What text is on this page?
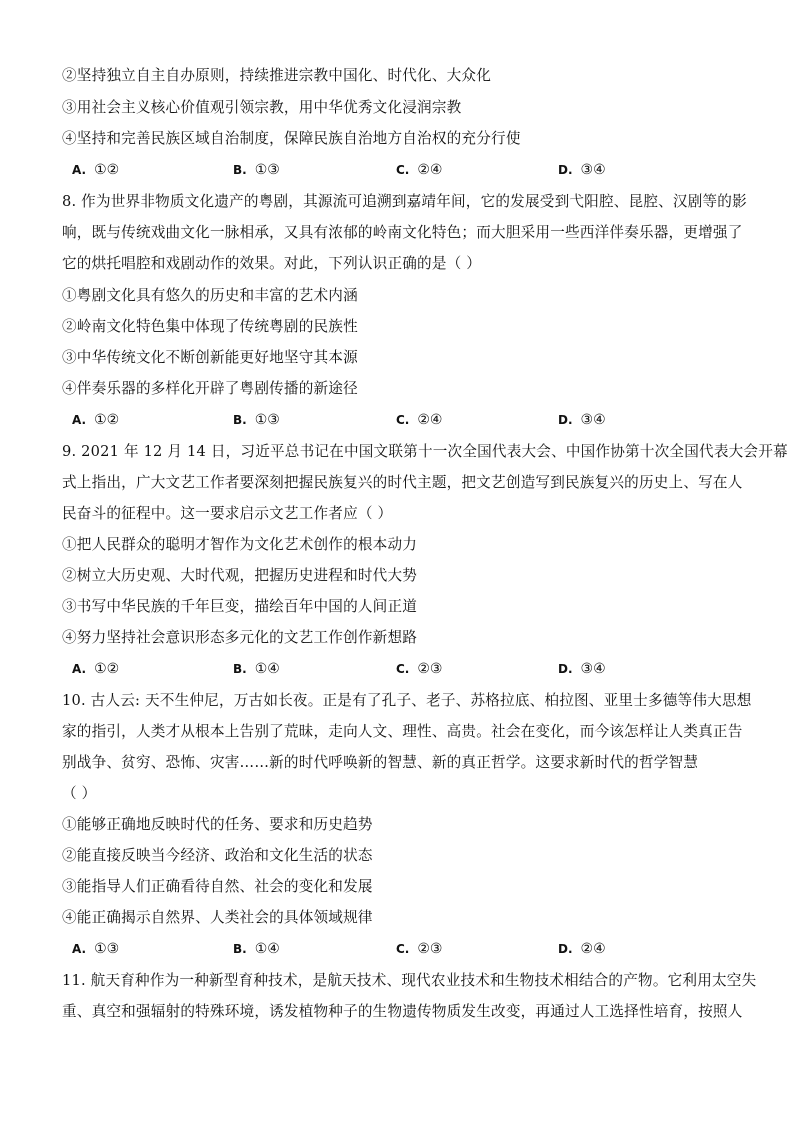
②坚持独立自主自办原则，持续推进宗教中国化、时代化、大众化
③用社会主义核心价值观引领宗教，用中华优秀文化浸润宗教
④坚持和完善民族区域自治制度，保障民族自治地方自治权的充分行使
A. ①②	B. ①③	C. ②④	D. ③④
8. 作为世界非物质文化遗产的粤剧，其源流可追溯到嘉靖年间，它的发展受到弋阳腔、昆腔、汉剧等的影
响，既与传统戏曲文化一脉相承，又具有浓郁的岭南文化特色；而大胆采用一些西洋伴奏乐器，更增强了
它的烘托唱腔和戏剧动作的效果。对此，下列认识正确的是（ ）
①粤剧文化具有悠久的历史和丰富的艺术内涵
②岭南文化特色集中体现了传统粤剧的民族性
③中华传统文化不断创新能更好地坚守其本源
④伴奏乐器的多样化开辟了粤剧传播的新途径
A. ①②	B. ①③	C. ②④	D. ③④
9. 2021 年 12 月 14 日，习近平总书记在中国文联第十一次全国代表大会、中国作协第十次全国代表大会开幕
式上指出，广大文艺工作者要深刻把握民族复兴的时代主题，把文艺创造写到民族复兴的历史上、写在人
民奋斗的征程中。这一要求启示文艺工作者应（ ）
①把人民群众的聪明才智作为文化艺术创作的根本动力
②树立大历史观、大时代观，把握历史进程和时代大势
③书写中华民族的千年巨变，描绘百年中国的人间正道
④努力坚持社会意识形态多元化的文艺工作创作新想路
A. ①②	B. ①④	C. ②③	D. ③④
10. 古人云: 天不生仲尼，万古如长夜。正是有了孔子、老子、苏格拉底、柏拉图、亚里士多德等伟大思想
家的指引，人类才从根本上告别了荒昧，走向人文、理性、高贵。社会在变化，而今该怎样让人类真正告
别战争、贫穷、恐怖、灾害……新的时代呼唤新的智慧、新的真正哲学。这要求新时代的哲学智慧
（ ）
①能够正确地反映时代的任务、要求和历史趋势
②能直接反映当今经济、政治和文化生活的状态
③能指导人们正确看待自然、社会的变化和发展
④能正确揭示自然界、人类社会的具体领域规律
A. ①③	B. ①④	C. ②③	D. ②④
11. 航天育种作为一种新型育种技术，是航天技术、现代农业技术和生物技术相结合的产物。它利用太空失
重、真空和强辐射的特殊环境，诱发植物种子的生物遗传物质发生改变，再通过人工选择性培育，按照人
